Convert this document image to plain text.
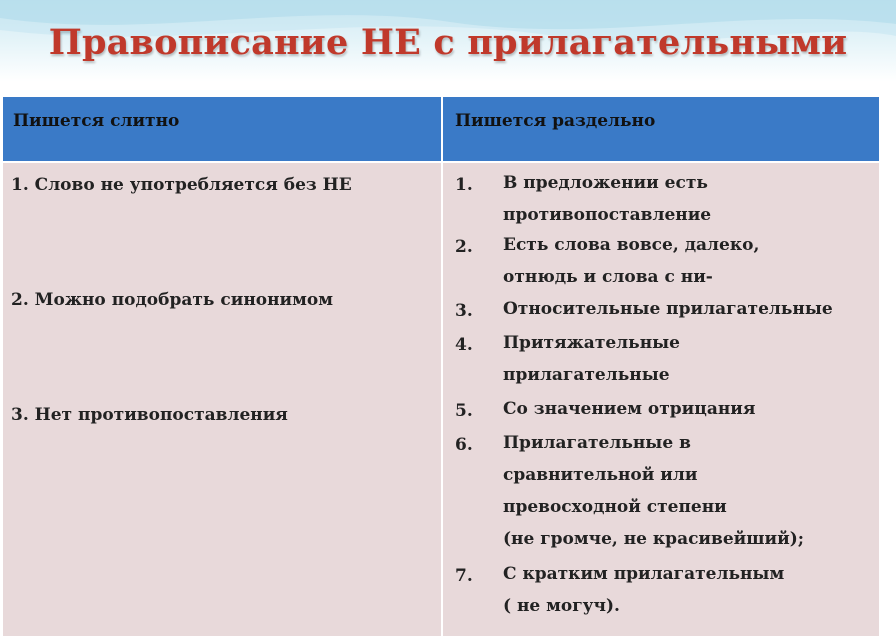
Правописание НЕ с прилагательными
Пишется слитно	Пишется раздельно
1. Слово не употребляется без НЕ
2. Можно подобрать синонимом
3. Нет противопоставления
1. В предложении есть
противопоставление
2. Есть слова вовсе, далеко,
отнюдь и слова с ни-
3. Относительные прилагательные
4. Притяжательные
прилагательные
5. Со значением отрицания
6. Прилагательные в
сравнительной или
превосходной степени
(не громче, не красивейший);
7. С кратким прилагательным
( не могуч).
